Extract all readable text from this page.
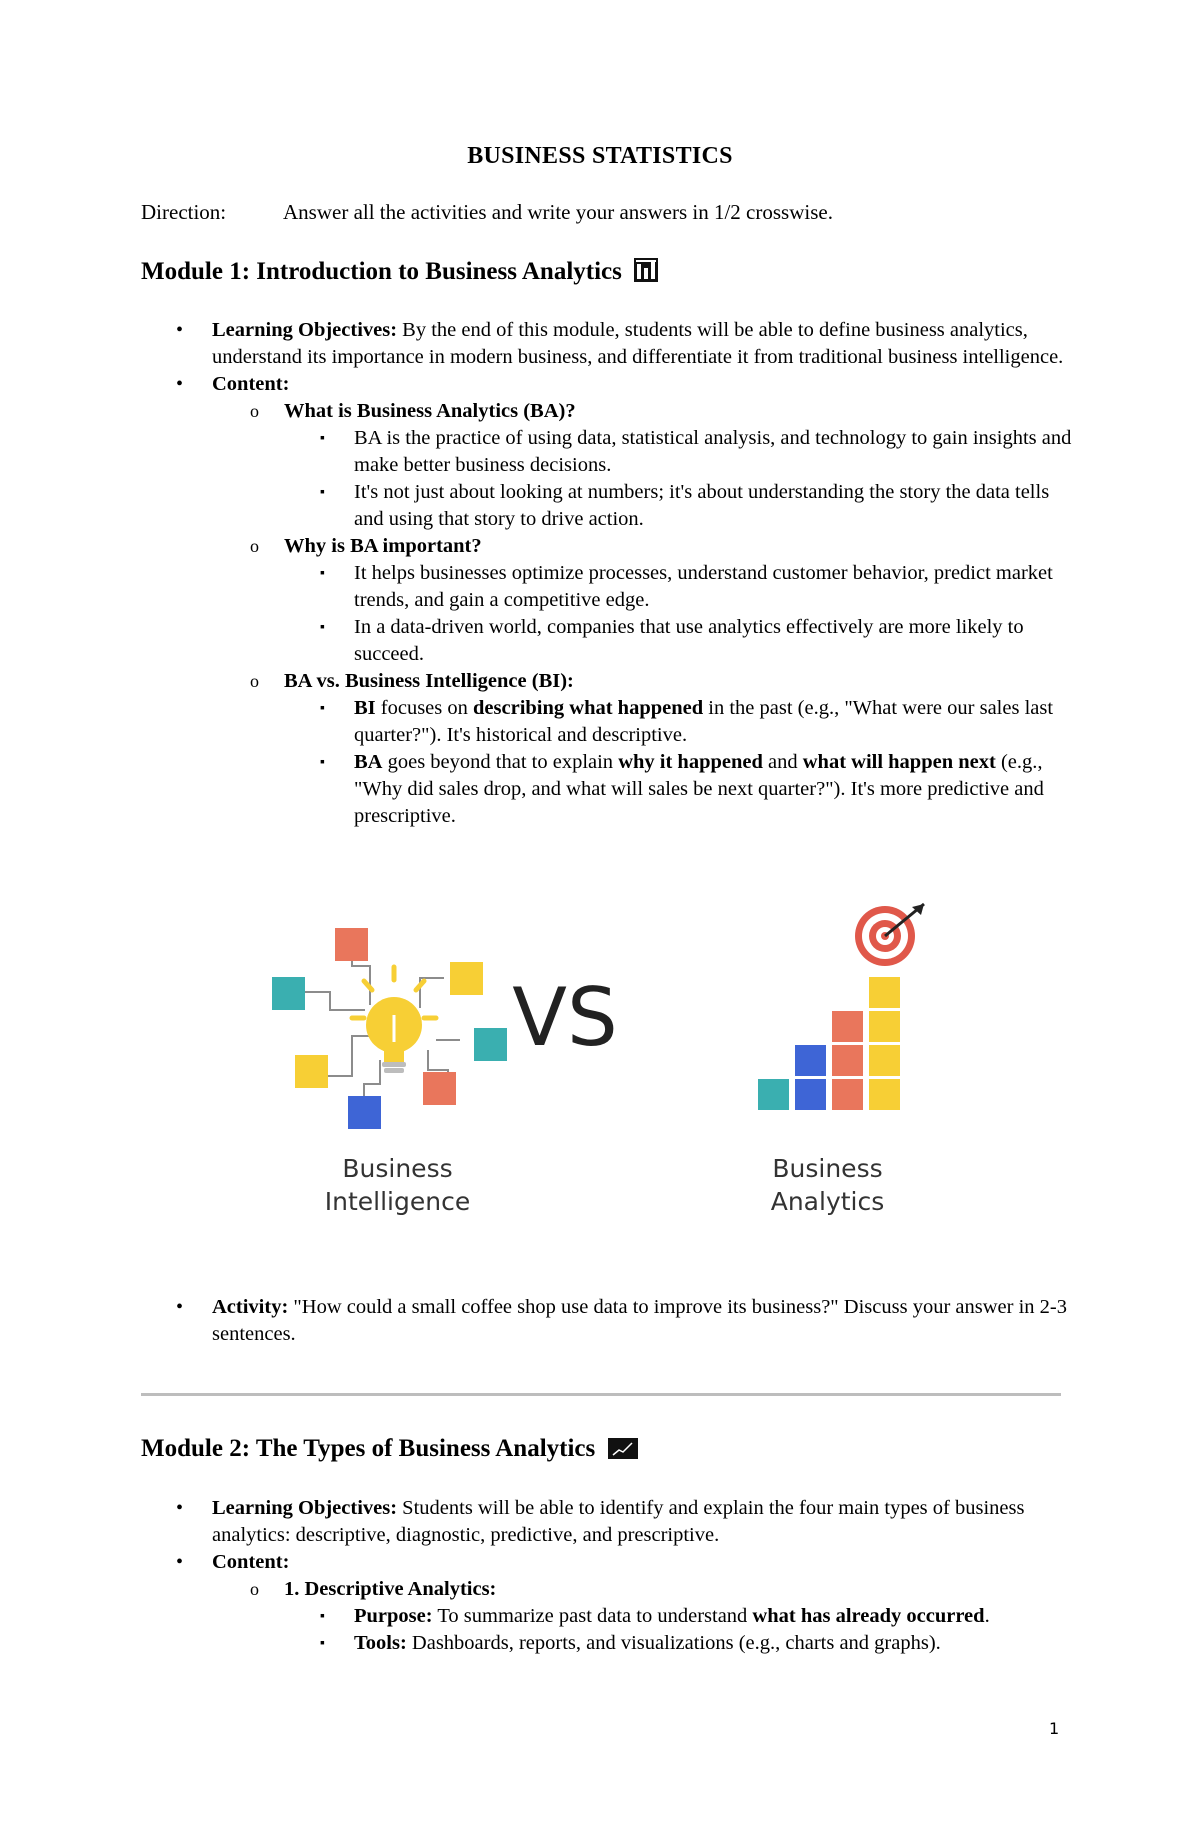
BUSINESS STATISTICS
Direction:	Answer all the activities and write your answers in 1/2 crosswise.
Module 1: Introduction to Business Analytics
• Learning Objectives: By the end of this module, students will be able to define business analytics, understand its importance in modern business, and differentiate it from traditional business intelligence.
• Content:
o What is Business Analytics (BA)?
▪ BA is the practice of using data, statistical analysis, and technology to gain insights and make better business decisions.
▪ It's not just about looking at numbers; it's about understanding the story the data tells and using that story to drive action.
o Why is BA important?
▪ It helps businesses optimize processes, understand customer behavior, predict market trends, and gain a competitive edge.
▪ In a data-driven world, companies that use analytics effectively are more likely to succeed.
o BA vs. Business Intelligence (BI):
▪ BI focuses on describing what happened in the past (e.g., "What were our sales last quarter?"). It's historical and descriptive.
▪ BA goes beyond that to explain why it happened and what will happen next (e.g., "Why did sales drop, and what will sales be next quarter?"). It's more predictive and prescriptive.
VS
Business
Intelligence
Business
Analytics
• Activity: "How could a small coffee shop use data to improve its business?" Discuss your answer in 2-3 sentences.
Module 2: The Types of Business Analytics
• Learning Objectives: Students will be able to identify and explain the four main types of business analytics: descriptive, diagnostic, predictive, and prescriptive.
• Content:
o 1. Descriptive Analytics:
▪ Purpose: To summarize past data to understand what has already occurred.
▪ Tools: Dashboards, reports, and visualizations (e.g., charts and graphs).
1
